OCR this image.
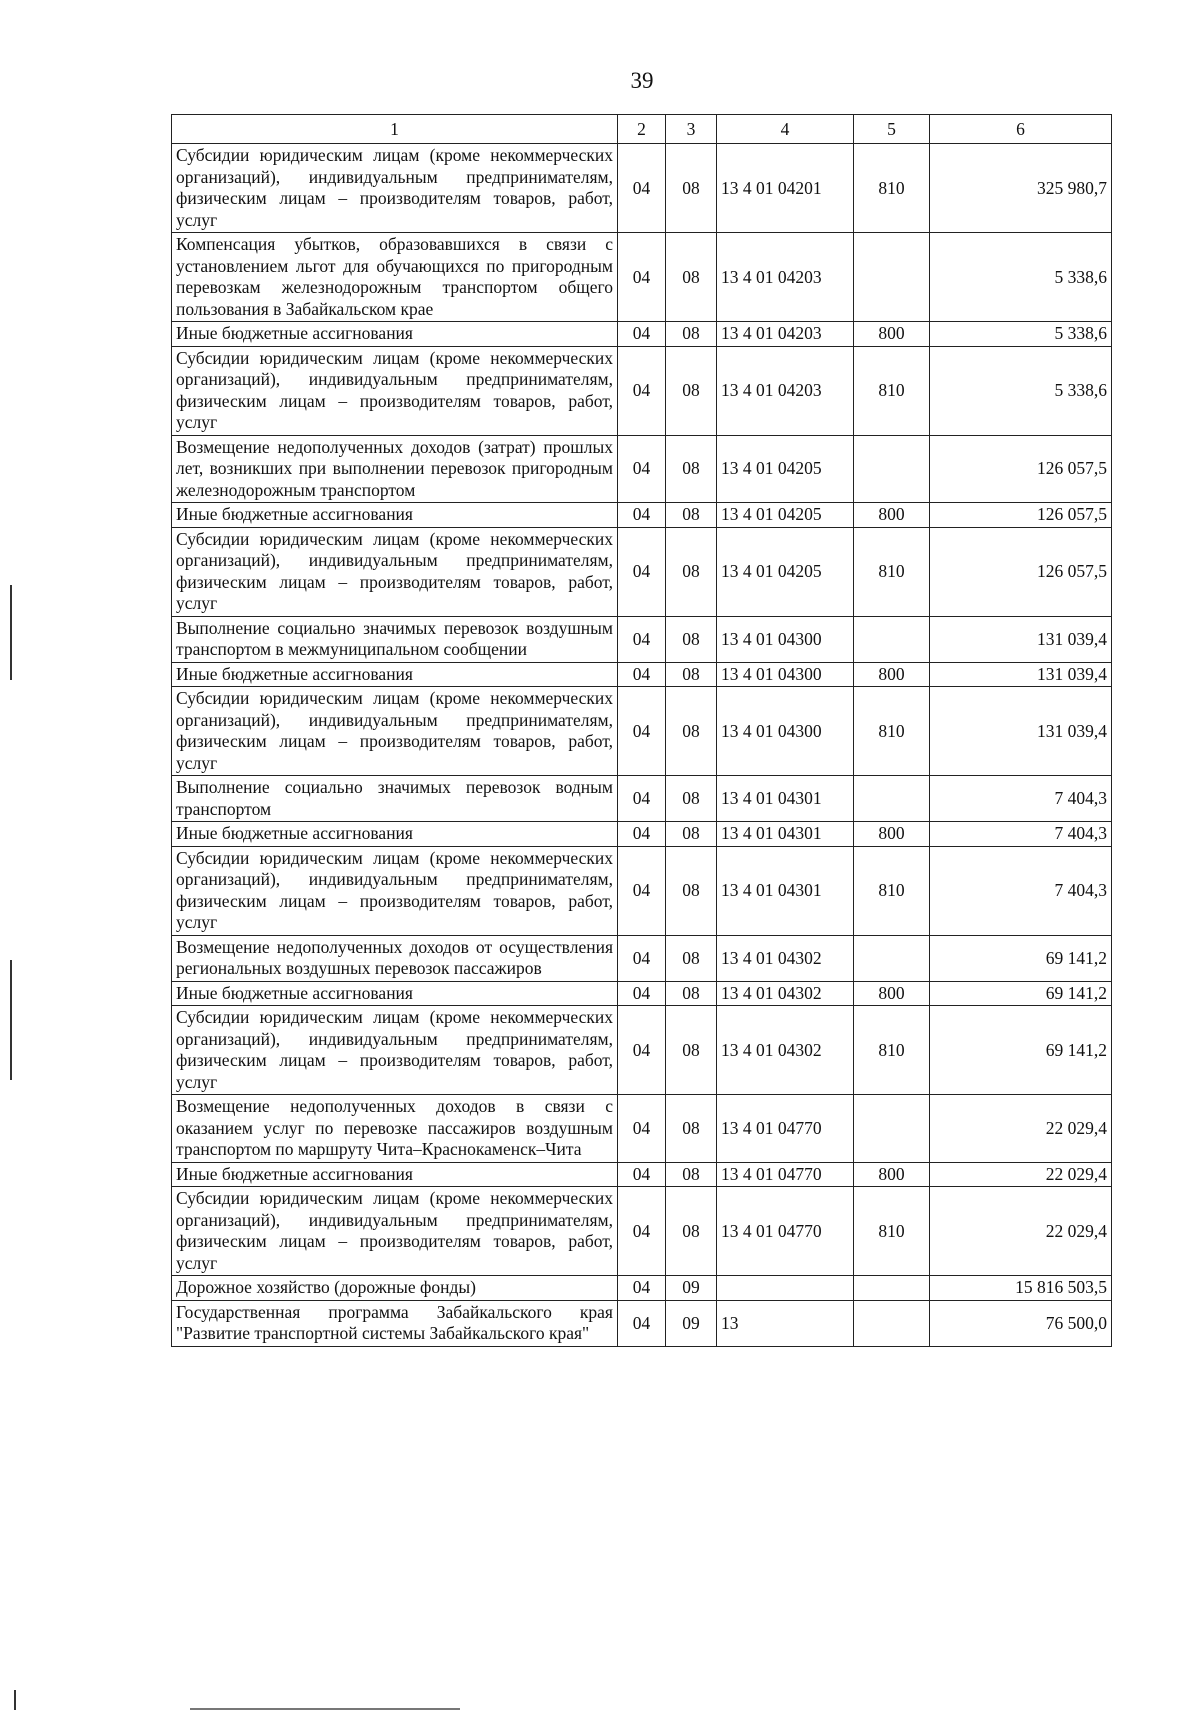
39
1	2	3	4	5	6
Субсидии юридическим лицам (кроме некоммерческих организаций), индивидуальным предпринимателям, физическим лицам – производителям товаров, работ, услуг	04	08	13 4 01 04201	810	325 980,7
Компенсация убытков, образовавшихся в связи с установлением льгот для обучающихся по пригородным перевозкам железнодорожным транспортом общего пользования в Забайкальском крае	04	08	13 4 01 04203		5 338,6
Иные бюджетные ассигнования	04	08	13 4 01 04203	800	5 338,6
Субсидии юридическим лицам (кроме некоммерческих организаций), индивидуальным предпринимателям, физическим лицам – производителям товаров, работ, услуг	04	08	13 4 01 04203	810	5 338,6
Возмещение недополученных доходов (затрат) прошлых лет, возникших при выполнении перевозок пригородным железнодорожным транспортом	04	08	13 4 01 04205		126 057,5
Иные бюджетные ассигнования	04	08	13 4 01 04205	800	126 057,5
Субсидии юридическим лицам (кроме некоммерческих организаций), индивидуальным предпринимателям, физическим лицам – производителям товаров, работ, услуг	04	08	13 4 01 04205	810	126 057,5
Выполнение социально значимых перевозок воздушным транспортом в межмуниципальном сообщении	04	08	13 4 01 04300		131 039,4
Иные бюджетные ассигнования	04	08	13 4 01 04300	800	131 039,4
Субсидии юридическим лицам (кроме некоммерческих организаций), индивидуальным предпринимателям, физическим лицам – производителям товаров, работ, услуг	04	08	13 4 01 04300	810	131 039,4
Выполнение социально значимых перевозок водным транспортом	04	08	13 4 01 04301		7 404,3
Иные бюджетные ассигнования	04	08	13 4 01 04301	800	7 404,3
Субсидии юридическим лицам (кроме некоммерческих организаций), индивидуальным предпринимателям, физическим лицам – производителям товаров, работ, услуг	04	08	13 4 01 04301	810	7 404,3
Возмещение недополученных доходов от осуществления региональных воздушных перевозок пассажиров	04	08	13 4 01 04302		69 141,2
Иные бюджетные ассигнования	04	08	13 4 01 04302	800	69 141,2
Субсидии юридическим лицам (кроме некоммерческих организаций), индивидуальным предпринимателям, физическим лицам – производителям товаров, работ, услуг	04	08	13 4 01 04302	810	69 141,2
Возмещение недополученных доходов в связи с оказанием услуг по перевозке пассажиров воздушным транспортом по маршруту Чита–Краснокаменск–Чита	04	08	13 4 01 04770		22 029,4
Иные бюджетные ассигнования	04	08	13 4 01 04770	800	22 029,4
Субсидии юридическим лицам (кроме некоммерческих организаций), индивидуальным предпринимателям, физическим лицам – производителям товаров, работ, услуг	04	08	13 4 01 04770	810	22 029,4
Дорожное хозяйство (дорожные фонды)	04	09			15 816 503,5
Государственная программа Забайкальского края "Развитие транспортной системы Забайкальского края"	04	09	13		76 500,0
